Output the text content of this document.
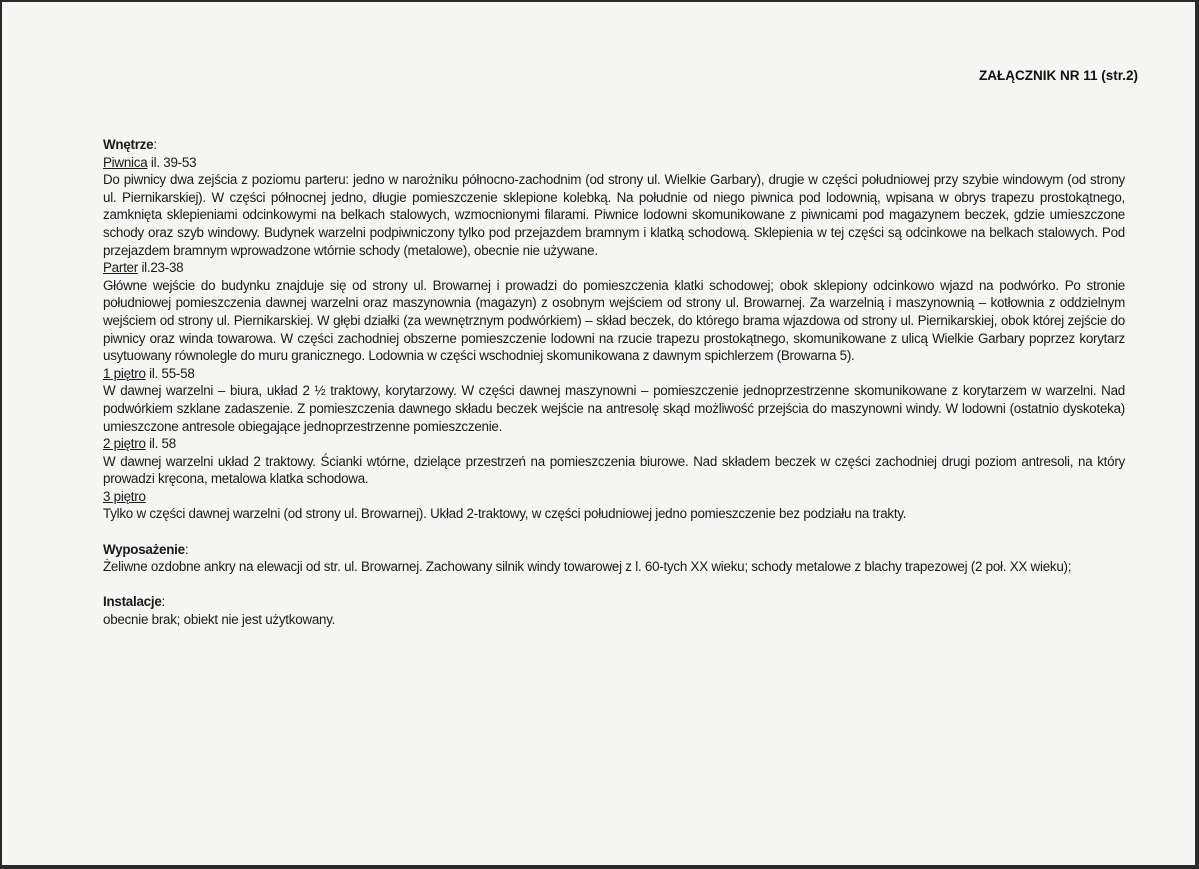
ZAŁĄCZNIK NR 11 (str.2)
Wnętrze:
Piwnica il. 39-53

Do piwnicy dwa zejścia z poziomu parteru: jedno w narożniku północno-zachodnim (od strony ul. Wielkie Garbary), drugie w części południowej przy szybie windowym (od strony ul. Piernikarskiej). W części północnej jedno, długie pomieszczenie sklepione kolebką. Na południe od niego piwnica pod lodownią, wpisana w obrys trapezu prostokątnego, zamknięta sklepieniami odcinkowymi na belkach stalowych, wzmocnionymi filarami. Piwnice lodowni skomunikowane z piwnicami pod magazynem beczek, gdzie umieszczone schody oraz szyb windowy. Budynek warzelni podpiwniczony tylko pod przejazdem bramnym i klatką schodową. Sklepienia w tej części są odcinkowe na belkach stalowych. Pod przejazdem bramnym wprowadzone wtórnie schody (metalowe), obecnie nie używane.

Parter il.23-38

Główne wejście do budynku znajduje się od strony ul. Browarnej i prowadzi do pomieszczenia klatki schodowej; obok sklepiony odcinkowo wjazd na podwórko. Po stronie południowej pomieszczenia dawnej warzelni oraz maszynownia (magazyn) z osobnym wejściem od strony ul. Browarnej. Za warzelnią i maszynownią – kotłownia z oddzielnym wejściem od strony ul. Piernikarskiej. W głębi działki (za wewnętrznym podwórkiem) – skład beczek, do którego brama wjazdowa od strony ul. Piernikarskiej, obok której zejście do piwnicy oraz winda towarowa. W części zachodniej obszerne pomieszczenie lodowni na rzucie trapezu prostokątnego, skomunikowane z ulicą Wielkie Garbary poprzez korytarz usytuowany równolegle do muru granicznego. Lodownia w części wschodniej skomunikowana z dawnym spichlerzem (Browarna 5).

1 piętro il. 55-58

W dawnej warzelni – biura, układ 2 ½ traktowy, korytarzowy. W części dawnej maszynowni – pomieszczenie jednoprzestrzenne skomunikowane z korytarzem w warzelni. Nad podwórkiem szklane zadaszenie. Z pomieszczenia dawnego składu beczek wejście na antresolę skąd możliwość przejścia do maszynowni windy. W lodowni (ostatnio dyskoteka) umieszczone antresole obiegające jednoprzestrzenne pomieszczenie.

2 piętro il. 58

W dawnej warzelni układ 2 traktowy. Ścianki wtórne, dzielące przestrzeń na pomieszczenia biurowe. Nad składem beczek w części zachodniej drugi poziom antresoli, na który prowadzi kręcona, metalowa klatka schodowa.

3 piętro

Tylko w części dawnej warzelni (od strony ul. Browarnej). Układ 2-traktowy, w części południowej jedno pomieszczenie bez podziału na trakty.

Wyposażenie:

Żeliwne ozdobne ankry na elewacji od str. ul. Browarnej. Zachowany silnik windy towarowej z l. 60-tych XX wieku; schody metalowe z blachy trapezowej (2 poł. XX wieku);

Instalacje:

obecnie brak; obiekt nie jest użytkowany.
